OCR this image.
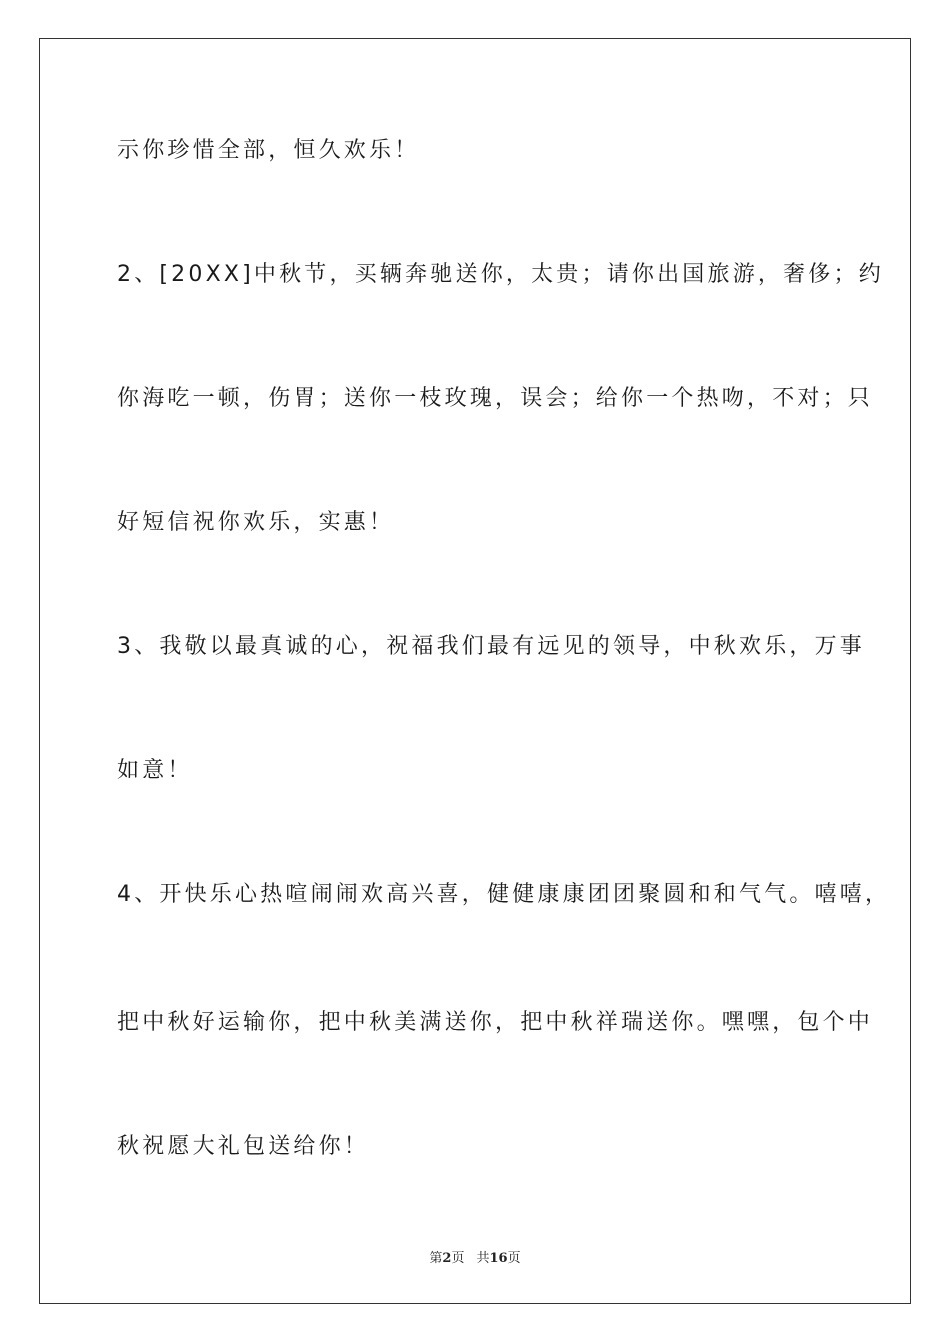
示你珍惜全部，恒久欢乐！
2、[20XX]中秋节，买辆奔驰送你，太贵；请你出国旅游，奢侈；约
你海吃一顿，伤胃；送你一枝玫瑰，误会；给你一个热吻，不对；只
好短信祝你欢乐，实惠！
3、我敬以最真诚的心，祝福我们最有远见的领导，中秋欢乐，万事
如意！
4、开快乐心热喧闹闹欢高兴喜，健健康康团团聚圆和和气气。嘻嘻，
把中秋好运输你，把中秋美满送你，把中秋祥瑞送你。嘿嘿，包个中
秋祝愿大礼包送给你！
第2页 共16页
